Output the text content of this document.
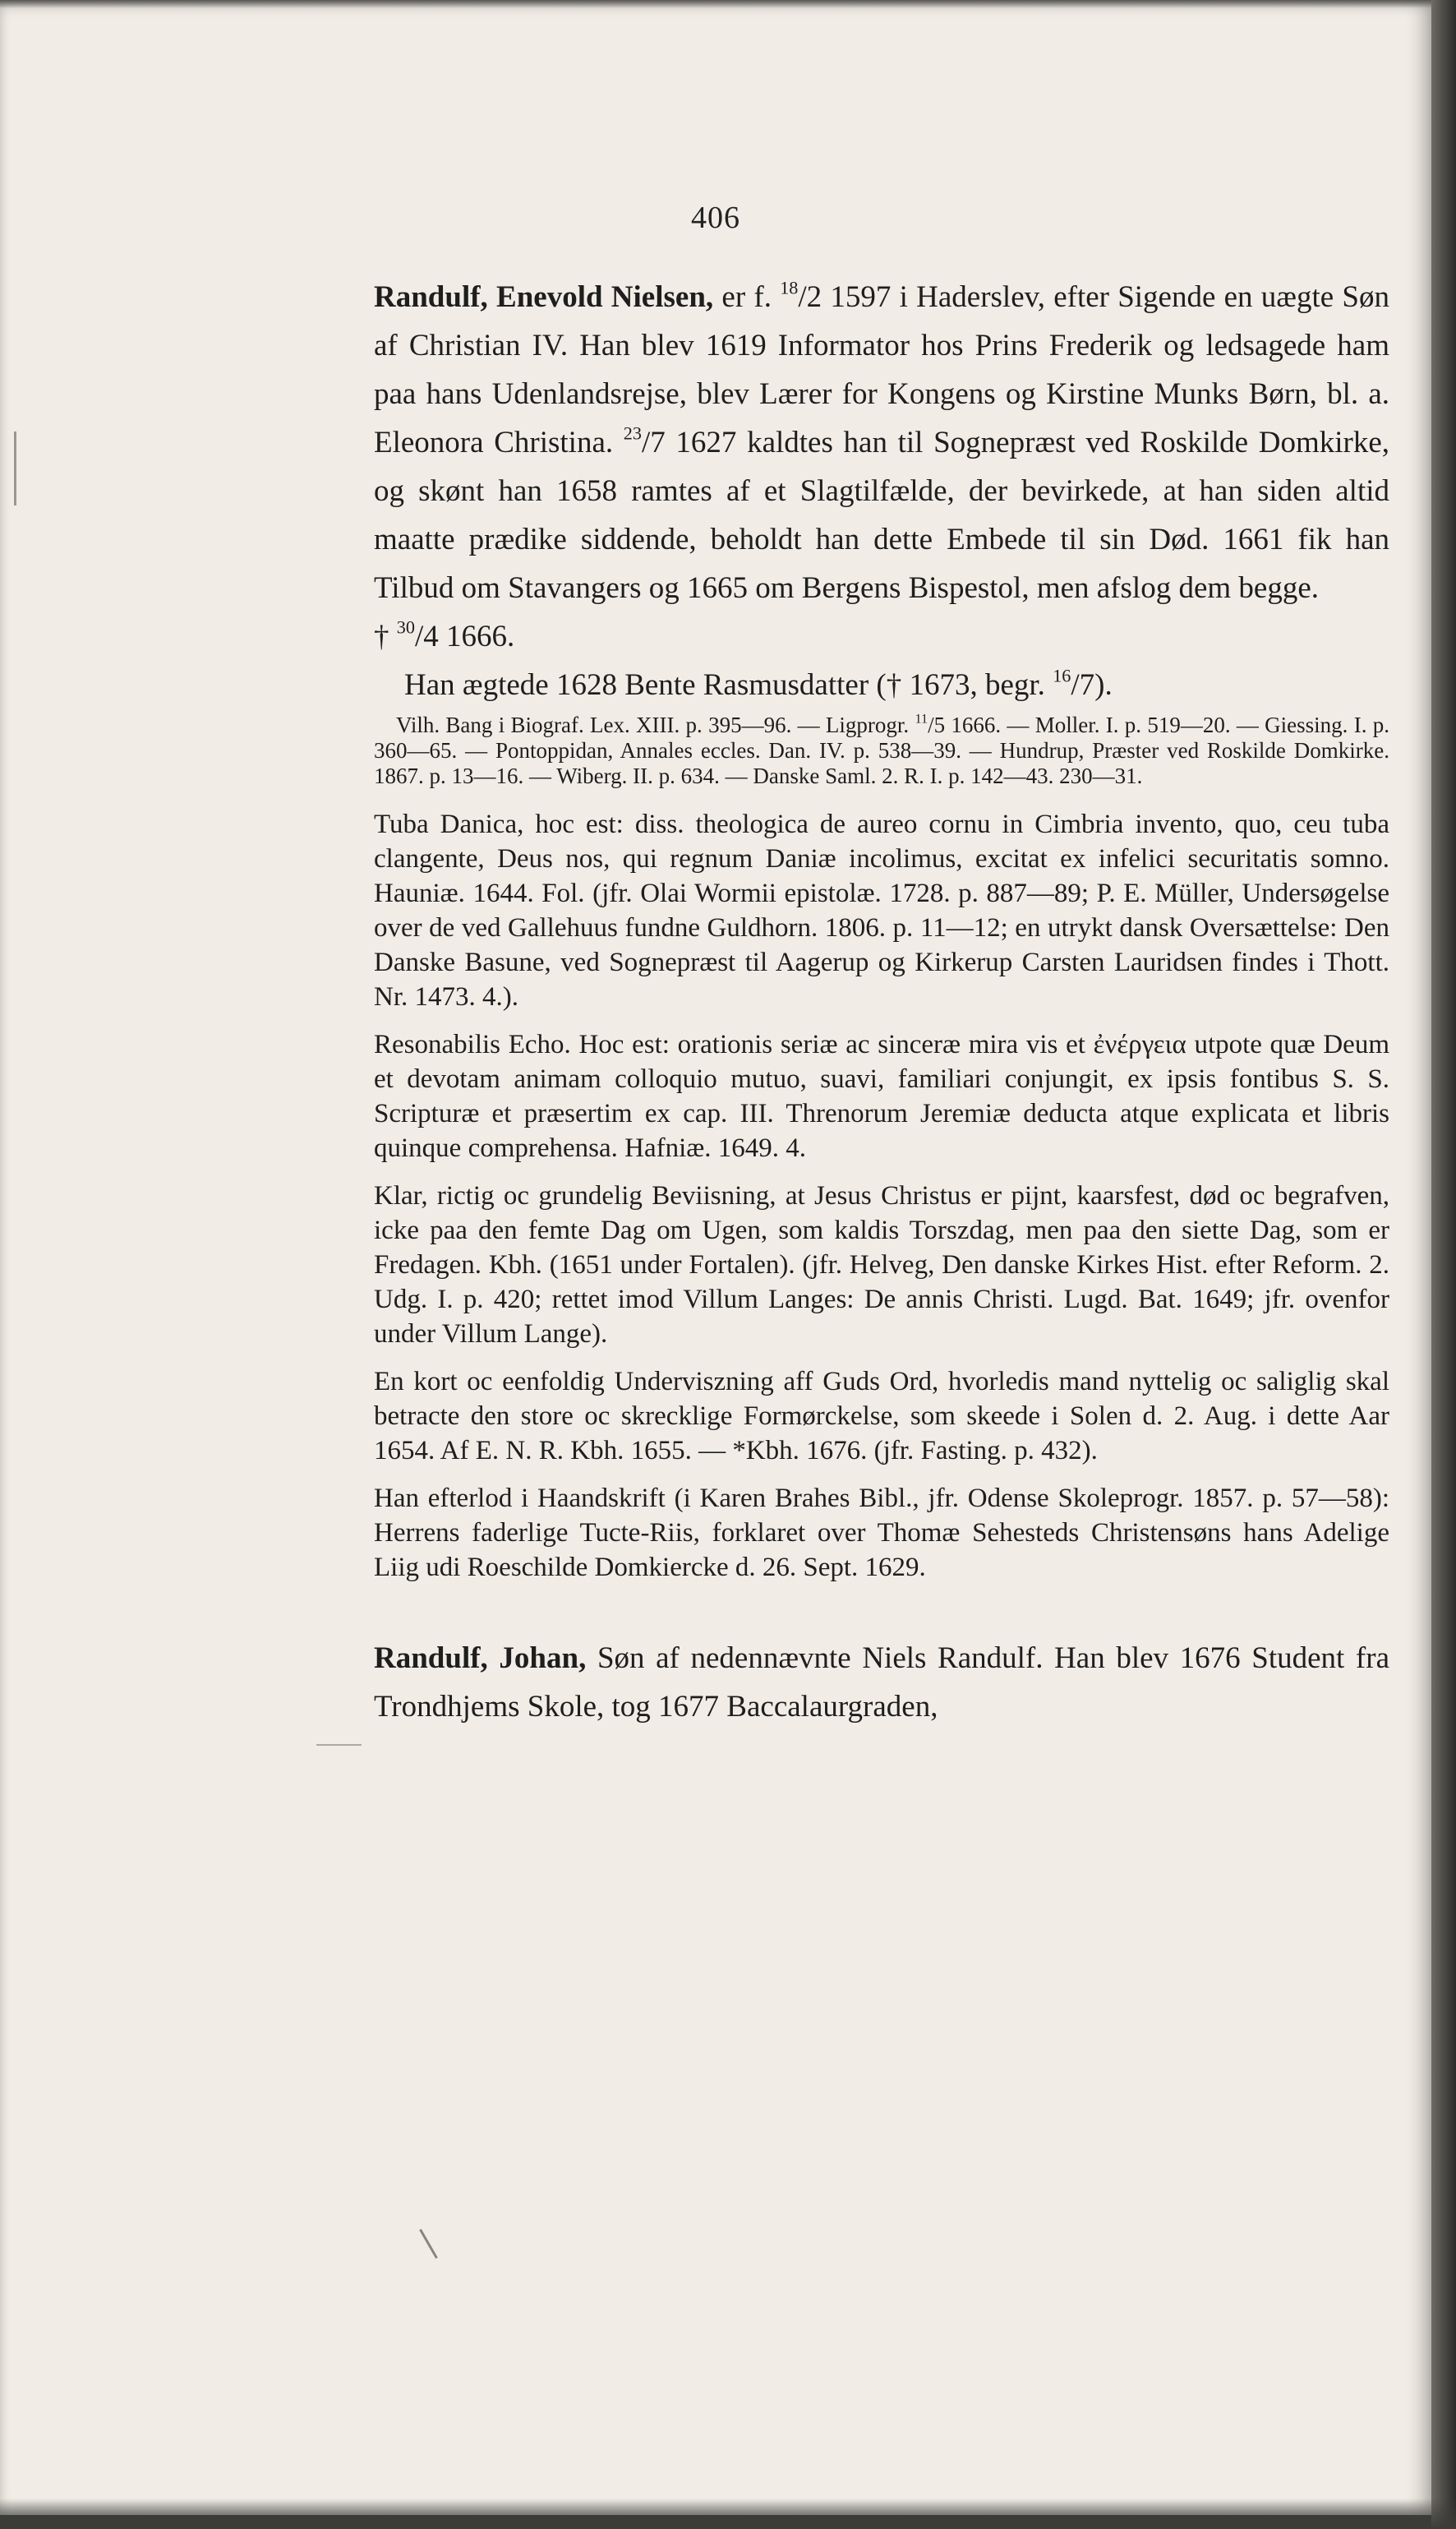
406

Randulf, Enevold Nielsen, er f. $^{18}$/2 1597 i Haderslev, efter Sigende en uægte Søn af Christian IV. Han blev 1619 Informator hos Prins Frederik og ledsagede ham paa hans Udenlandsrejse, blev Lærer for Kongens og Kirstine Munks Børn, bl. a. Eleonora Christina. $^{23}$/7 1627 kaldtes han til Sognepræst ved Roskilde Domkirke, og skønt han 1658 ramtes af et Slagtilfælde, der bevirkede, at han siden altid maatte prædike siddende, beholdt han dette Embede til sin Død. 1661 fik han Tilbud om Stavangers og 1665 om Bergens Bispestol, men afslog dem begge.
† $^{30}$/4 1666.
 Han ægtede 1628 Bente Rasmusdatter († 1673, begr. $^{16}$/7).

 Vilh. Bang i Biograf. Lex. XIII. p. 395—96. — Ligprogr. $^{11}$/5 1666. — Moller. I. p. 519—20. — Giessing. I. p. 360—65. — Pontoppidan, Annales eccles. Dan. IV. p. 538—39. — Hundrup, Præster ved Roskilde Domkirke. 1867. p. 13—16. — Wiberg. II. p. 634. — Danske Saml. 2. R. I. p. 142—43. 230—31.

Tuba Danica, hoc est: diss. theologica de aureo cornu in Cimbria invento, quo, ceu tuba clangente, Deus nos, qui regnum Daniæ incolimus, excitat ex infelici securitatis somno. Hauniæ. 1644. Fol. (jfr. Olai Wormii epistolæ. 1728. p. 887—89; P. E. Müller, Undersøgelse over de ved Gallehuus fundne Guldhorn. 1806. p. 11—12; en utrykt dansk Oversættelse: Den Danske Basune, ved Sognepræst til Aagerup og Kirkerup Carsten Lauridsen findes i Thott. Nr. 1473. 4.).

Resonabilis Echo. Hoc est: orationis seriæ ac sinceræ mira vis et ἐνέργεια utpote quæ Deum et devotam animam colloquio mutuo, suavi, familiari conjungit, ex ipsis fontibus S. S. Scripturæ et præsertim ex cap. III. Threnorum Jeremiæ deducta atque explicata et libris quinque comprehensa. Hafniæ. 1649. 4.

Klar, rictig oc grundelig Beviisning, at Jesus Christus er pijnt, kaarsfest, død oc begrafven, icke paa den femte Dag om Ugen, som kaldis Torszdag, men paa den siette Dag, som er Fredagen. Kbh. (1651 under Fortalen). (jfr. Helveg, Den danske Kirkes Hist. efter Reform. 2. Udg. I. p. 420; rettet imod Villum Langes: De annis Christi. Lugd. Bat. 1649; jfr. ovenfor under Villum Lange).

En kort oc eenfoldig Underviszning aff Guds Ord, hvorledis mand nyttelig oc saliglig skal betracte den store oc skrecklige Formørckelse, som skeede i Solen d. 2. Aug. i dette Aar 1654. Af E. N. R. Kbh. 1655. — *Kbh. 1676. (jfr. Fasting. p. 432).

Han efterlod i Haandskrift (i Karen Brahes Bibl., jfr. Odense Skoleprogr. 1857. p. 57—58): Herrens faderlige Tucte-Riis, forklaret over Thomæ Sehesteds Christensøns hans Adelige Liig udi Roeschilde Domkiercke d. 26. Sept. 1629.

Randulf, Johan, Søn af nedennævnte Niels Randulf. Han blev 1676 Student fra Trondhjems Skole, tog 1677 Baccalaurgraden,
